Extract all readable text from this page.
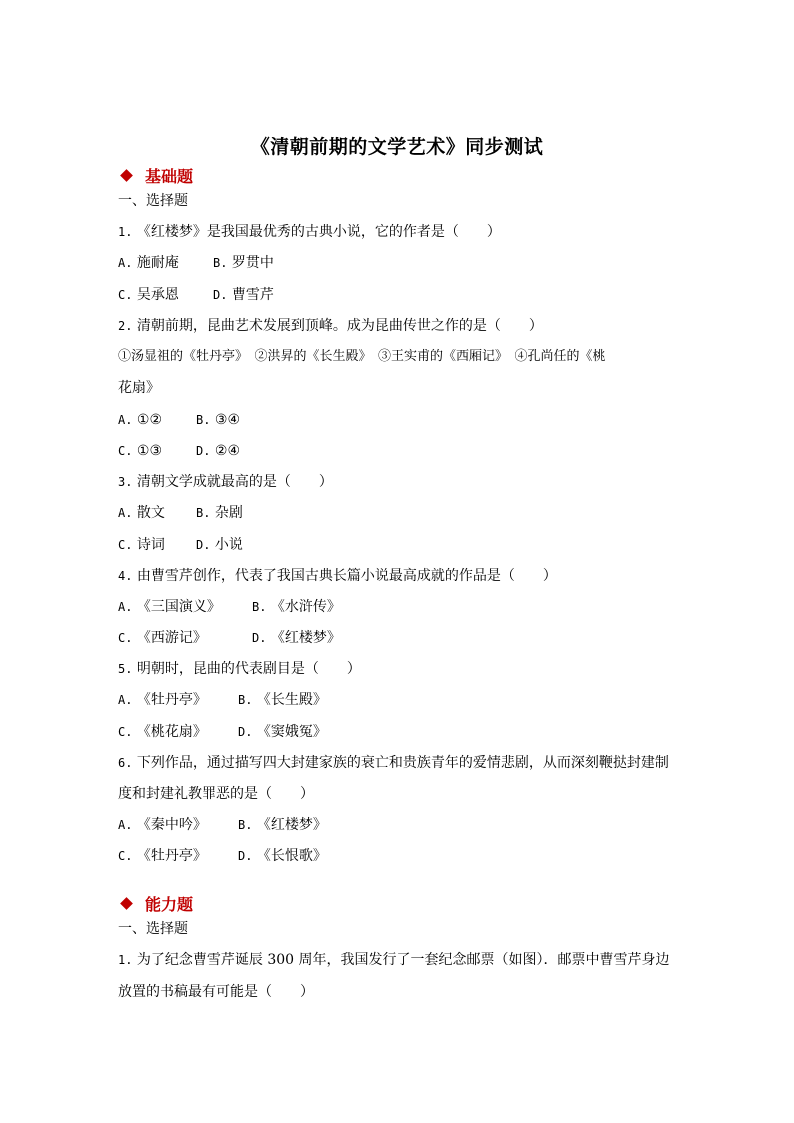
《清朝前期的文学艺术》同步测试
基础题
一、选择题
1. 《红楼梦》是我国最优秀的古典小说，它的作者是（　　）
A. 施耐庵	B. 罗贯中
C. 吴承恩	D. 曹雪芹
2. 清朝前期，昆曲艺术发展到顶峰。成为昆曲传世之作的是（　　）
①汤显祖的《牡丹亭》　②洪昇的《长生殿》　③王实甫的《西厢记》　④孔尚任的《桃
花扇》
A. ①②	B. ③④
C. ①③	D. ②④
3. 清朝文学成就最高的是（　　）
A. 散文	B. 杂剧
C. 诗词	D. 小说
4. 由曹雪芹创作，代表了我国古典长篇小说最高成就的作品是（　　）
A. 《三国演义》	B. 《水浒传》
C. 《西游记》	D. 《红楼梦》
5. 明朝时，昆曲的代表剧目是（　　）
A. 《牡丹亭》	B. 《长生殿》
C. 《桃花扇》	D. 《窦娥冤》
6. 下列作品，通过描写四大封建家族的衰亡和贵族青年的爱情悲剧，从而深刻鞭挞封建制
度和封建礼教罪恶的是（　　）
A. 《秦中吟》	B. 《红楼梦》
C. 《牡丹亭》	D. 《长恨歌》
能力题
一、选择题
1. 为了纪念曹雪芹诞辰 300 周年，我国发行了一套纪念邮票（如图）．邮票中曹雪芹身边
放置的书稿最有可能是（　　）
